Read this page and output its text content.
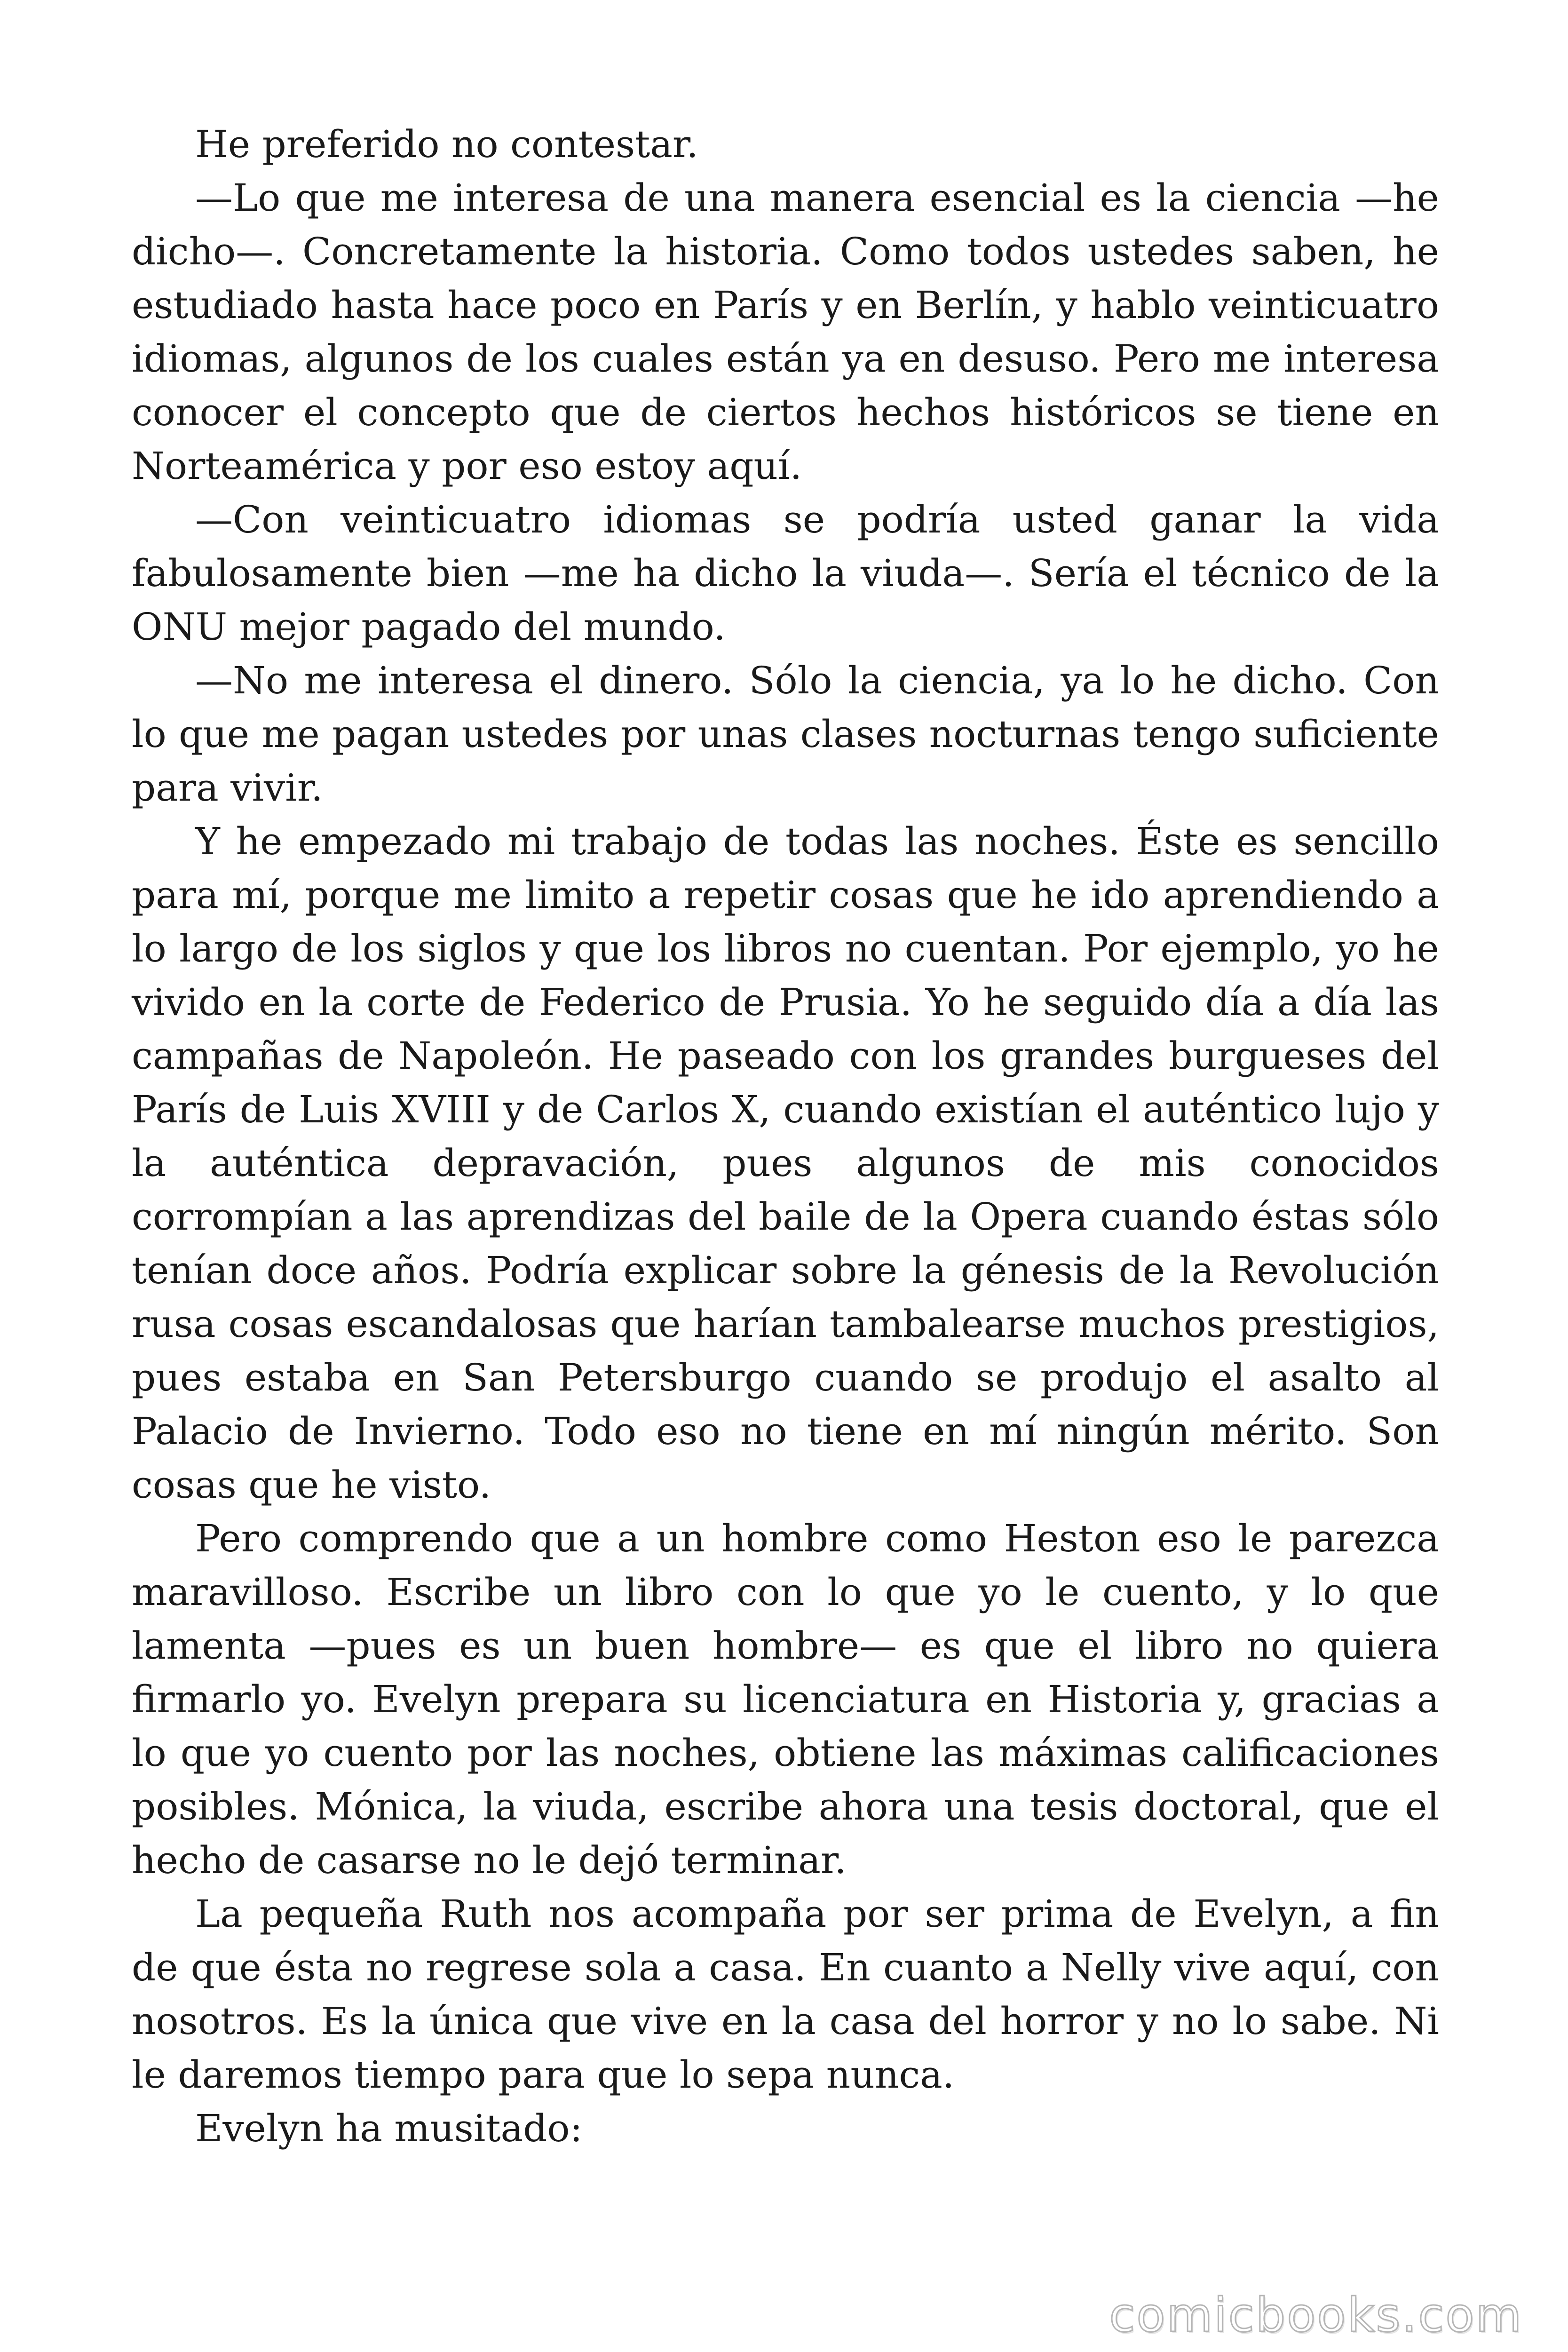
He preferido no contestar.

—Lo que me interesa de una manera esencial es la ciencia —he dicho—. Concretamente la historia. Como todos ustedes saben, he estudiado hasta hace poco en París y en Berlín, y hablo veinticuatro idiomas, algunos de los cuales están ya en desuso. Pero me interesa conocer el concepto que de ciertos hechos históricos se tiene en Norteamérica y por eso estoy aquí.

—Con veinticuatro idiomas se podría usted ganar la vida fabulosamente bien —me ha dicho la viuda—. Sería el técnico de la ONU mejor pagado del mundo.

—No me interesa el dinero. Sólo la ciencia, ya lo he dicho. Con lo que me pagan ustedes por unas clases nocturnas tengo suficiente para vivir.

Y he empezado mi trabajo de todas las noches. Éste es sencillo para mí, porque me limito a repetir cosas que he ido aprendiendo a lo largo de los siglos y que los libros no cuentan. Por ejemplo, yo he vivido en la corte de Federico de Prusia. Yo he seguido día a día las campañas de Napoleón. He paseado con los grandes burgueses del París de Luis XVIII y de Carlos X, cuando existían el auténtico lujo y la auténtica depravación, pues algunos de mis conocidos corrompían a las aprendizas del baile de la Opera cuando éstas sólo tenían doce años. Podría explicar sobre la génesis de la Revolución rusa cosas escandalosas que harían tambalearse muchos prestigios, pues estaba en San Petersburgo cuando se produjo el asalto al Palacio de Invierno. Todo eso no tiene en mí ningún mérito. Son cosas que he visto.

Pero comprendo que a un hombre como Heston eso le parezca maravilloso. Escribe un libro con lo que yo le cuento, y lo que lamenta —pues es un buen hombre— es que el libro no quiera firmarlo yo. Evelyn prepara su licenciatura en Historia y, gracias a lo que yo cuento por las noches, obtiene las máximas calificaciones posibles. Mónica, la viuda, escribe ahora una tesis doctoral, que el hecho de casarse no le dejó terminar.

La pequeña Ruth nos acompaña por ser prima de Evelyn, a fin de que ésta no regrese sola a casa. En cuanto a Nelly vive aquí, con nosotros. Es la única que vive en la casa del horror y no lo sabe. Ni le daremos tiempo para que lo sepa nunca.

Evelyn ha musitado:

comicbooks.com
